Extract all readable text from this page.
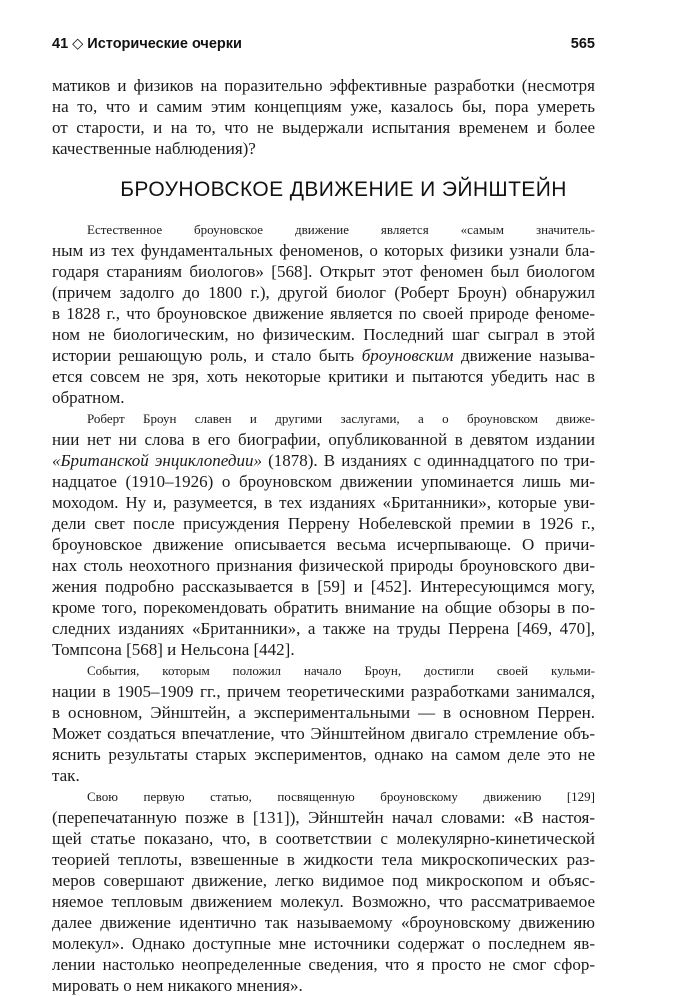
41 ◇ Исторические очерки	565
матиков и физиков на поразительно эффективные разработки (несмотря
на то, что и самим этим концепциям уже, казалось бы, пора умереть
от старости, и на то, что не выдержали испытания временем и более
качественные наблюдения)?
БРОУНОВСКОЕ ДВИЖЕНИЕ И ЭЙНШТЕЙН

Естественное броуновское движение является «самым значитель-
ным из тех фундаментальных феноменов, о которых физики узнали бла-
годаря стараниям биологов» [568]. Открыт этот феномен был биологом
(причем задолго до 1800 г.), другой биолог (Роберт Броун) обнаружил
в 1828 г., что броуновское движение является по своей природе феноме-
ном не биологическим, но физическим. Последний шаг сыграл в этой
истории решающую роль, и стало быть броуновским движение называ-
ется совсем не зря, хоть некоторые критики и пытаются убедить нас в
обратном.

Роберт Броун славен и другими заслугами, а о броуновском движе-
нии нет ни слова в его биографии, опубликованной в девятом издании
«Британской энциклопедии» (1878). В изданиях с одиннадцатого по три-
надцатое (1910–1926) о броуновском движении упоминается лишь ми-
моходом. Ну и, разумеется, в тех изданиях «Британники», которые уви-
дели свет после присуждения Перрену Нобелевской премии в 1926 г.,
броуновское движение описывается весьма исчерпывающе. О причи-
нах столь неохотного признания физической природы броуновского дви-
жения подробно рассказывается в [59] и [452]. Интересующимся могу,
кроме того, порекомендовать обратить внимание на общие обзоры в по-
следних изданиях «Британники», а также на труды Перрена [469, 470],
Томпсона [568] и Нельсона [442].

События, которым положил начало Броун, достигли своей кульми-
нации в 1905–1909 гг., причем теоретическими разработками занимался,
в основном, Эйнштейн, а экспериментальными — в основном Перрен.
Может создаться впечатление, что Эйнштейном двигало стремление объ-
яснить результаты старых экспериментов, однако на самом деле это не
так.

Свою первую статью, посвященную броуновскому движению [129]
(перепечатанную позже в [131]), Эйнштейн начал словами: «В настоя-
щей статье показано, что, в соответствии с молекулярно-кинетической
теорией теплоты, взвешенные в жидкости тела микроскопических раз-
меров совершают движение, легко видимое под микроскопом и объяс-
няемое тепловым движением молекул. Возможно, что рассматриваемое
далее движение идентично так называемому «броуновскому движению
молекул». Однако доступные мне источники содержат о последнем яв-
лении настолько неопределенные сведения, что я просто не смог сфор-
мировать о нем никакого мнения».
